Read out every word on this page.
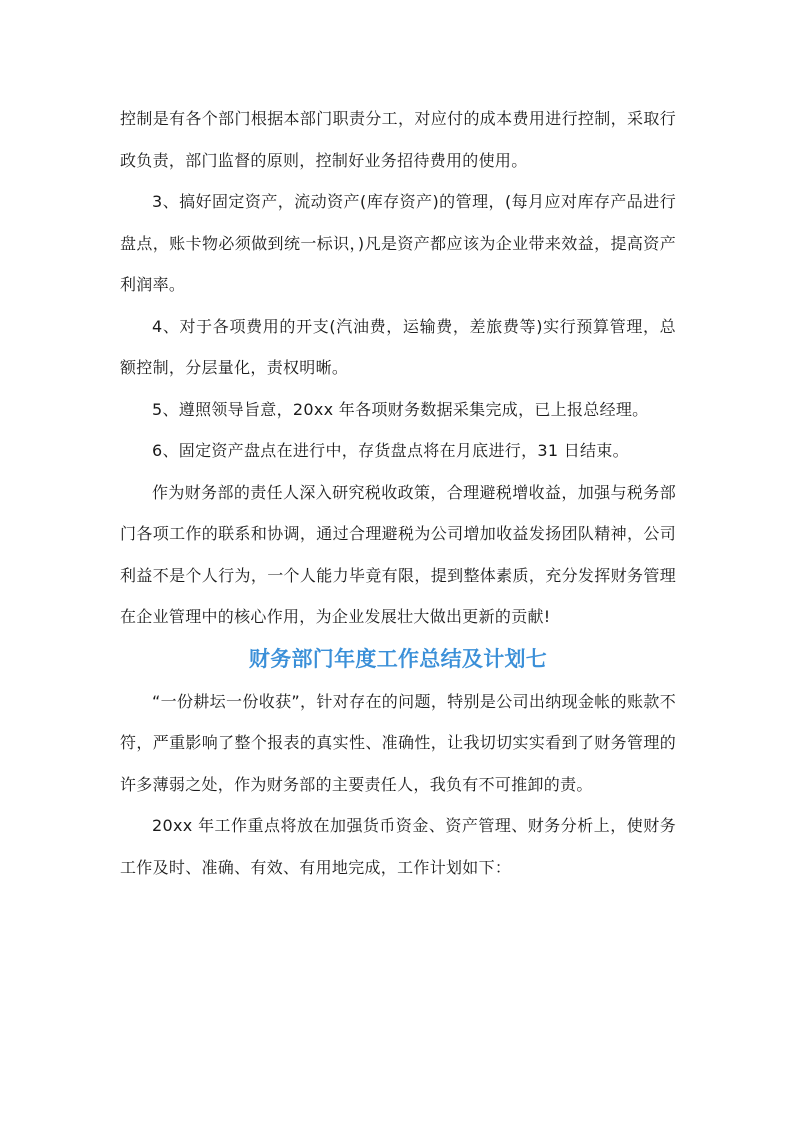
控制是有各个部门根据本部门职责分工，对应付的成本费用进行控制，采取行政负责，部门监督的原则，控制好业务招待费用的使用。

3、搞好固定资产，流动资产(库存资产)的管理，(每月应对库存产品进行盘点，账卡物必须做到统一标识，)凡是资产都应该为企业带来效益，提高资产利润率。

4、对于各项费用的开支(汽油费，运输费，差旅费等)实行预算管理，总额控制，分层量化，责权明晰。

5、遵照领导旨意，20xx 年各项财务数据采集完成，已上报总经理。

6、固定资产盘点在进行中，存货盘点将在月底进行，31 日结束。

作为财务部的责任人深入研究税收政策，合理避税增收益，加强与税务部门各项工作的联系和协调，通过合理避税为公司增加收益发扬团队精神，公司利益不是个人行为，一个人能力毕竟有限，提到整体素质，充分发挥财务管理在企业管理中的核心作用，为企业发展壮大做出更新的贡献!

财务部门年度工作总结及计划七

“一份耕坛一份收获”，针对存在的问题，特别是公司出纳现金帐的账款不符，严重影响了整个报表的真实性、准确性，让我切切实实看到了财务管理的许多薄弱之处，作为财务部的主要责任人，我负有不可推卸的责。

20xx 年工作重点将放在加强货币资金、资产管理、财务分析上，使财务工作及时、准确、有效、有用地完成，工作计划如下：
